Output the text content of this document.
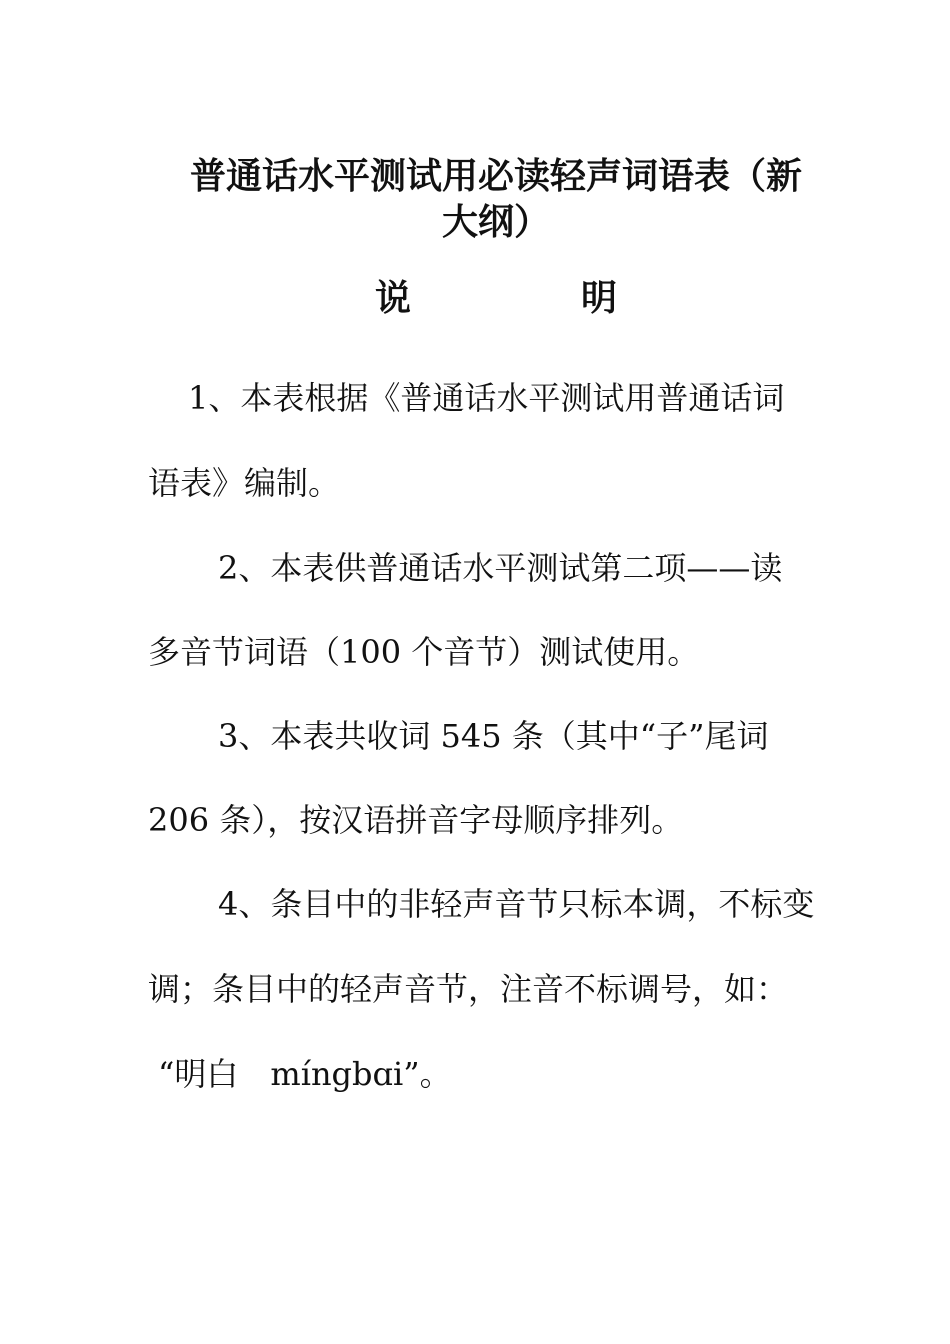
普通话水平测试用必读轻声词语表（新
大纲）
说	明

1、本表根据《普通话水平测试用普通话词

语表》编制。

2、本表供普通话水平测试第二项——读

多音节词语（100 个音节）测试使用。

3、本表共收词 545 条（其中“子”尾词

206 条），按汉语拼音字母顺序排列。

4、条目中的非轻声音节只标本调，不标变

调；条目中的轻声音节，注音不标调号，如：

“明白　míngbɑi”。
